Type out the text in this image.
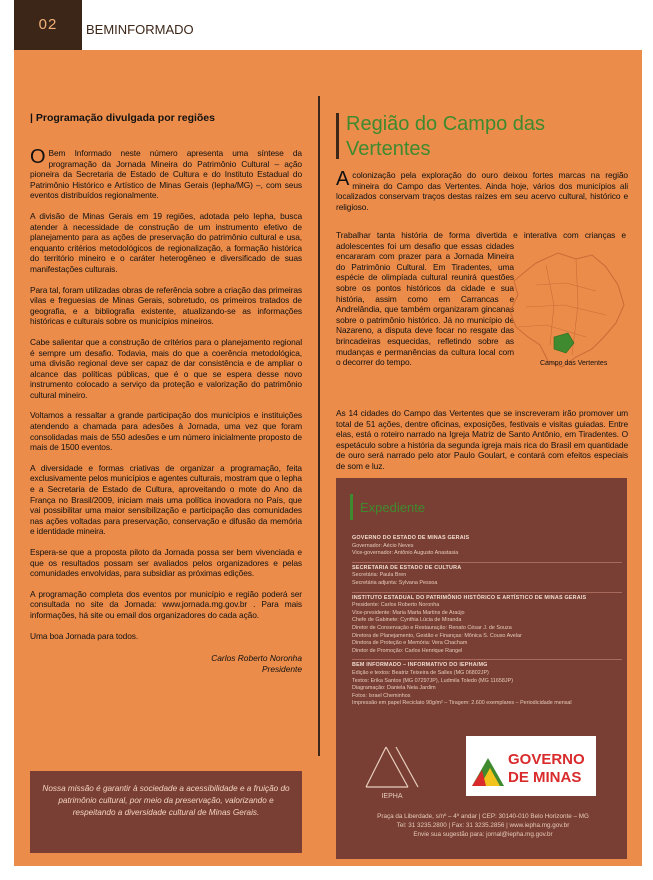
02	BEMINFORMADO
| Programação divulgada por regiões

O Bem Informado neste número apresenta uma síntese da programação da Jornada Mineira do Patrimônio Cultural – ação pioneira da Secretaria de Estado de Cultura e do Instituto Estadual do Patrimônio Histórico e Artístico de Minas Gerais (Iepha/MG) –, com seus eventos distribuídos regionalmente.

A divisão de Minas Gerais em 19 regiões, adotada pelo Iepha, busca atender à necessidade de construção de um instrumento efetivo de planejamento para as ações de preservação do patrimônio cultural e usa, enquanto critérios metodológicos de regionalização, a formação histórica do território mineiro e o caráter heterogêneo e diversificado de suas manifestações culturais.

Para tal, foram utilizadas obras de referência sobre a criação das primeiras vilas e freguesias de Minas Gerais, sobretudo, os primeiros tratados de geografia, e a bibliografia existente, atualizando-se as informações históricas e culturais sobre os municípios mineiros.

Cabe salientar que a construção de critérios para o planejamento regional é sempre um desafio. Todavia, mais do que a coerência metodológica, uma divisão regional deve ser capaz de dar consistência e de ampliar o alcance das políticas públicas, que é o que se espera desse novo instrumento colocado a serviço da proteção e valorização do patrimônio cultural mineiro.

Voltamos a ressaltar a grande participação dos municípios e instituições atendendo a chamada para adesões à Jornada, uma vez que foram consolidadas mais de 550 adesões e um número inicialmente proposto de mais de 1500 eventos.

A diversidade e formas criativas de organizar a programação, feita exclusivamente pelos municípios e agentes culturais, mostram que o Iepha e a Secretaria de Estado de Cultura, aproveitando o mote do Ano da França no Brasil/2009, iniciam mais uma política inovadora no País, que vai possibilitar uma maior sensibilização e participação das comunidades nas ações voltadas para preservação, conservação e difusão da memória e identidade mineira.

Espera-se que a proposta piloto da Jornada possa ser bem vivenciada e que os resultados possam ser avaliados pelos organizadores e pelas comunidades envolvidas, para subsidiar as próximas edições.

A programação completa dos eventos por município e região poderá ser consultada no site da Jornada: www.jornada.mg.gov.br . Para mais informações, há site ou email dos organizadores do cada ação.

Uma boa Jornada para todos.

Carlos Roberto Noronha
Presidente

Nossa missão é garantir à sociedade a acessibilidade e a fruição do patrimônio cultural, por meio da preservação, valorizando e respeitando a diversidade cultural de Minas Gerais.

Região do Campo das Vertentes

A colonização pela exploração do ouro deixou fortes marcas na região mineira do Campo das Vertentes. Ainda hoje, vários dos municípios ali localizados conservam traços destas raízes em seu acervo cultural, histórico e religioso.

Trabalhar tanta história de forma divertida e interativa com crianças e adolescentes foi um desafio que essas cidades encararam com prazer para a Jornada Mineira do Patrimônio Cultural. Em Tiradentes, uma espécie de olimpíada cultural reunirá questões sobre os pontos históricos da cidade e sua história, assim como em Carrancas e Andrelândia, que também organizaram gincanas sobre o patrimônio histórico. Já no município de Nazareno, a disputa deve focar no resgate das brincadeiras esquecidas, refletindo sobre as mudanças e permanências da cultura local com o decorrer do tempo.	Campo das Vertentes

As 14 cidades do Campo das Vertentes que se inscreveram irão promover um total de 51 ações, dentre oficinas, exposições, festivais e visitas guiadas. Entre elas, está o roteiro narrado na Igreja Matriz de Santo Antônio, em Tiradentes. O espetáculo sobre a história da segunda igreja mais rica do Brasil em quantidade de ouro será narrado pelo ator Paulo Goulart, e contará com efeitos especiais de som e luz.

Expediente
GOVERNO DO ESTADO DE MINAS GERAIS
Governador: Aécio Neves
Vice-governador: Antônio Augusto Anastasia
SECRETARIA DE ESTADO DE CULTURA
Secretária: Paula Bren
Secretária adjunta: Sylvana Pessoa
INSTITUTO ESTADUAL DO PATRIMÔNIO HISTÓRICO E ARTÍSTICO DE MINAS GERAIS
Presidente: Carlos Roberto Noronha
Vice-presidente: Maria Marta Martins de Araújo
Chefe de Gabinete: Cynthia Lúcia de Miranda
Diretor de Conservação e Restauração: Renato César J. de Souza
Diretora de Planejamento, Gestão e Finanças: Mônica S. Couso Avelar
Diretora de Proteção e Memória: Vera Chacham
Diretor de Promoção: Carlos Henrique Rangel
BEM INFORMADO – INFORMATIVO DO IEPHA/MG
Edição e textos: Beatriz Teixeira de Salles (MG 06802JP)
Textos: Erika Santos (MG 07297JP), Ludmila Toledo (MG 11658JP)
Diagramação: Daniela Neia Jardim
Fotos: Israel Cheminhos
Impressão em papel Reciclato 90g/m² – Tiragem: 2.600 exemplares – Periodicidade mensal
IEPHA
GOVERNO
DE MINAS
Praça da Liberdade, s/nº – 4º andar | CEP: 30140-010 Belo Horizonte – MG
Tel: 31 3235.2800 | Fax: 31 3235.2856 | www.iepha.mg.gov.br
Envie sua sugestão para: jornal@iepha.mg.gov.br
